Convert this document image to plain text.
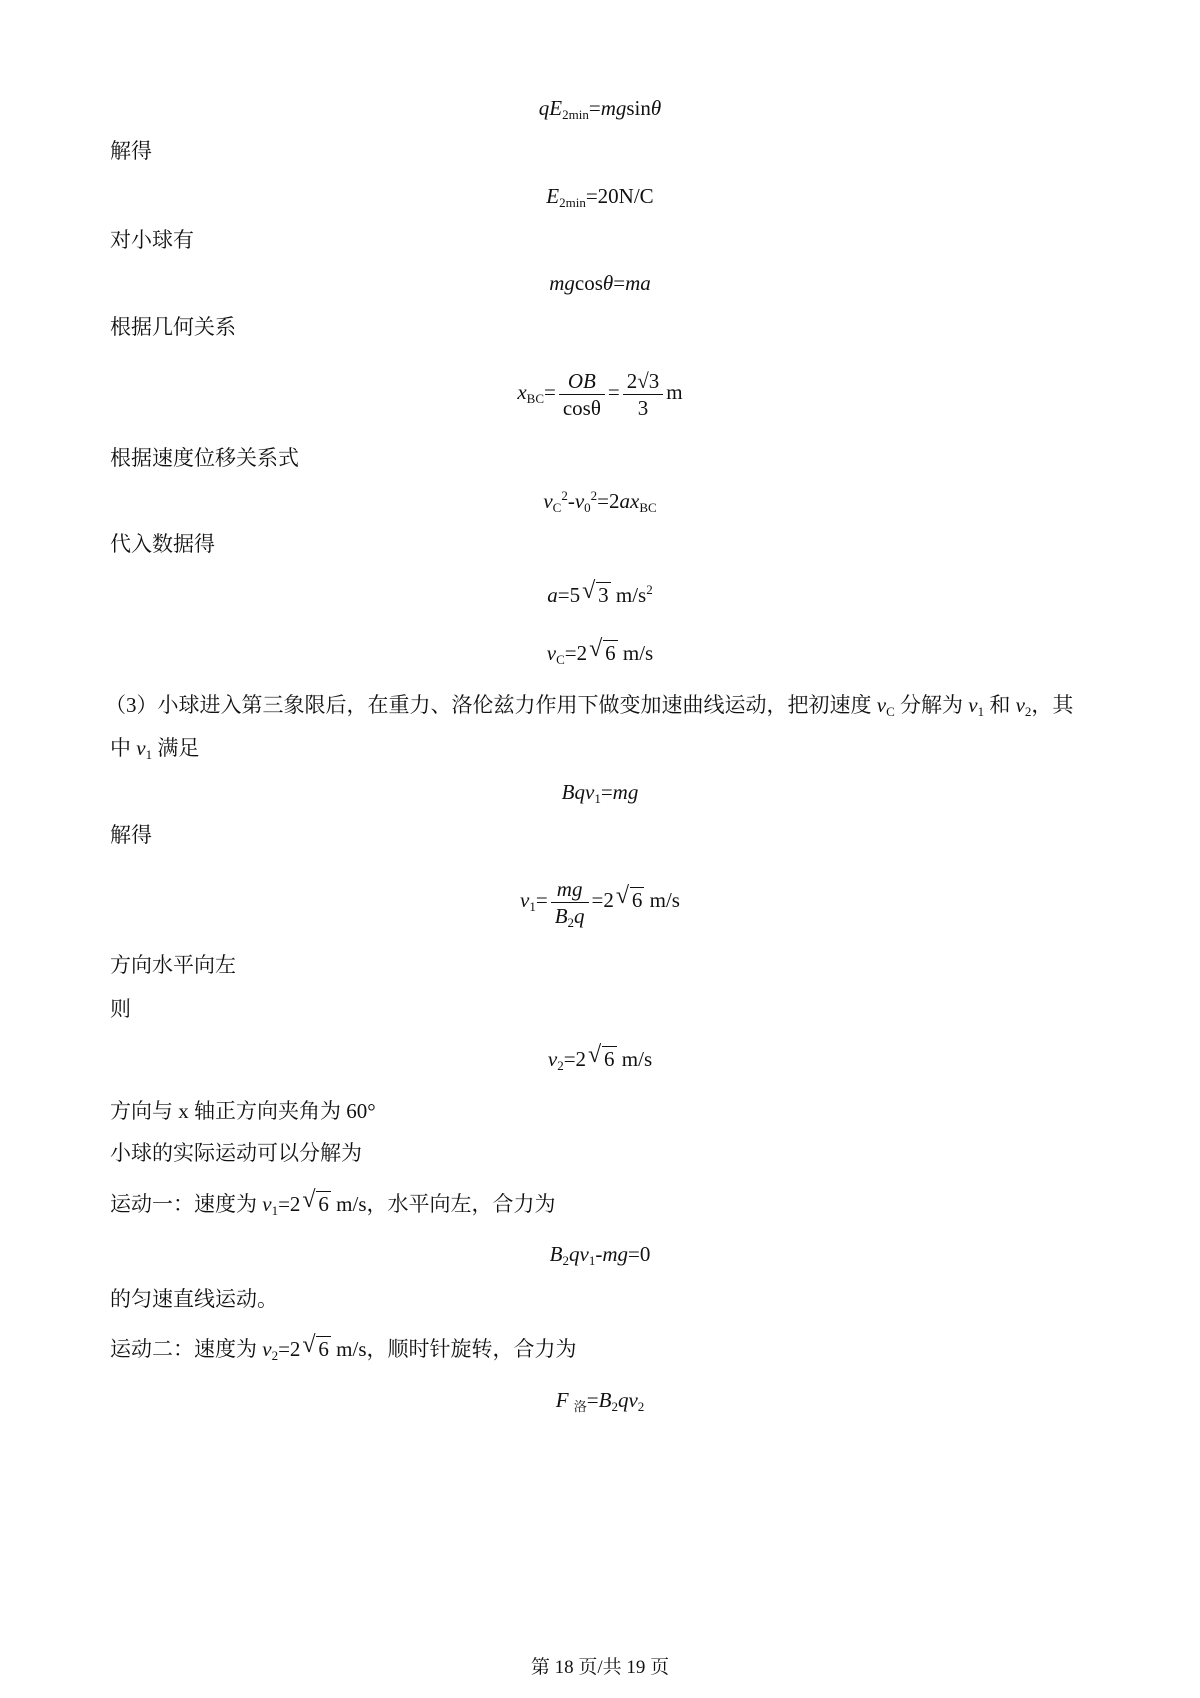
$qE_{2min}=mgsin\theta$
解得
$E_{2min}=20N/C$
对小球有
mgcosθ=ma
根据几何关系
$x_{BC}= \frac{OB}{\cos\theta} = \frac{2√3}{3}$ m
根据速度位移关系式
$v_C^2-v_0^2=2ax_{BC}$
代入数据得
a=5 √ 3 $m/s^2$
$v_C=2$ √ 6 m/s
（3）小球进入第三象限后，在重力、洛伦兹力作用下做变加速曲线运动，把初速度 $v_C$ 分解为 $v_1$ 和 $v_2$，其
中 $v_1$ 满足
Bqv$_1$=mg
解得
$v_1= \frac{mg}{B_2q} =2$ √ 6 m/s
方向水平向左
则
$v_2=2$ √ 6 m/s
方向与 x 轴正方向夹角为 60°
小球的实际运动可以分解为
运动一：速度为 $v_1=2$ √ 6 m/s，水平向左，合力为
$B_2qv_1-mg=0$
的匀速直线运动。
运动二：速度为 $v_2=2$ √ 6 m/s，顺时针旋转，合力为
F $_洛=B_2qv_2$
第 18 页/共 19 页
